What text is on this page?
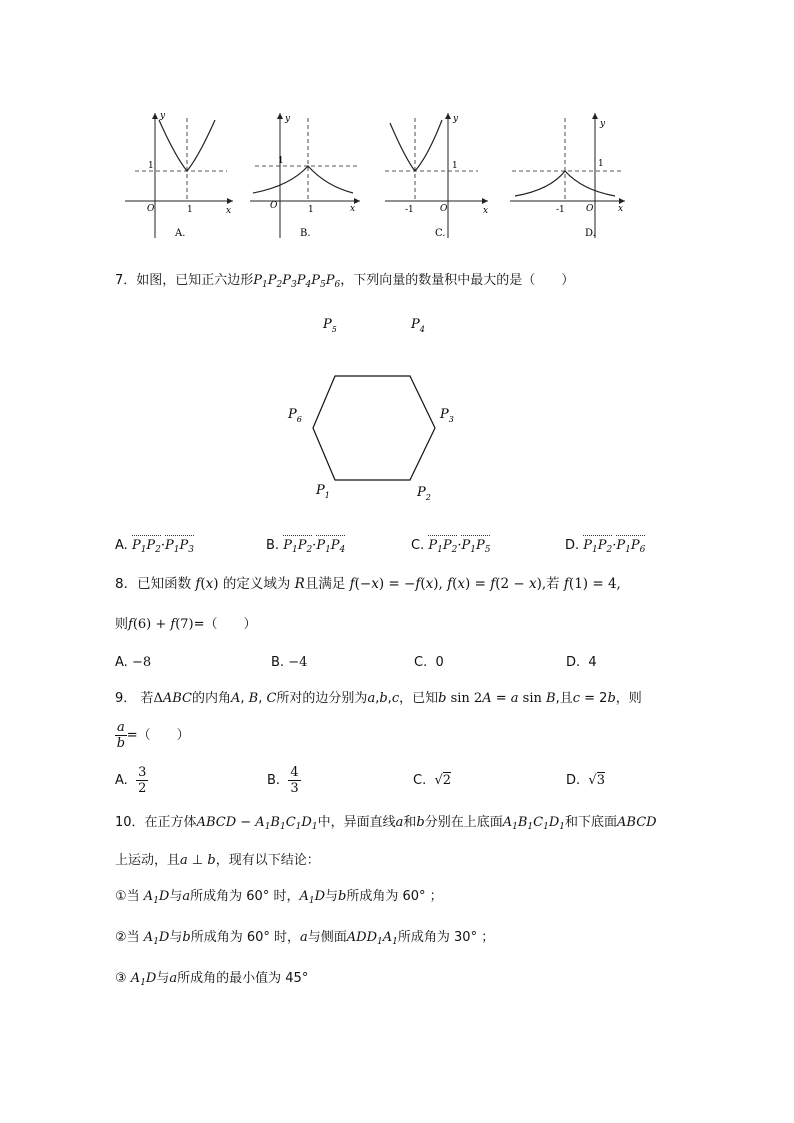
y
O
1
1	x
A.
y
O
1
1	x
B.
y
O
1
-1	x
C.
y
O
1
-1	x
D.
7．如图，已知正六边形$P_1P_2P_3P_4P_5P_6$，下列向量的数量积中最大的是（　　）
$P_5$	$P_4$
$P_6$	$P_3$
$P_1$	$P_2$
A. $P_1P_2\cdot P_1P_3$	B. $P_1P_2\cdot P_1P_4$	C. $P_1P_2\cdot P_1P_5$	D. $P_1P_2\cdot P_1P_6$
8．已知函数 f(x) 的定义域为 R且满足 f(−x) = −f(x), f(x) = f(2 − x),若 f(1) = 4,
则f(6) + f(7)=（　　）
A. −8	B. −4	C. 0	D. 4
9． 若ΔABC的内角A, B, C所对的边分别为a,b,c，已知b sin 2A = a sin B,且c = 2b，则
$\frac{a}{b}$ =（　　）
A. $\frac{3}{2}$	B. $\frac{4}{3}$	C. √2	D. √3
10．在正方体ABCD − $A_1B_1C_1D_1$中，异面直线a和b分别在上底面$A_1B_1C_1D_1$和下底面ABCD
上运动，且a ⊥ b，现有以下结论：
①当 $A_1D$与a所成角为 60° 时，$A_1D$与b所成角为 60° ；
②当 $A_1D$与b所成角为 60° 时，a与侧面$ADD_1A_1$所成角为 30° ；
③ $A_1D$与a所成角的最小值为 45°
